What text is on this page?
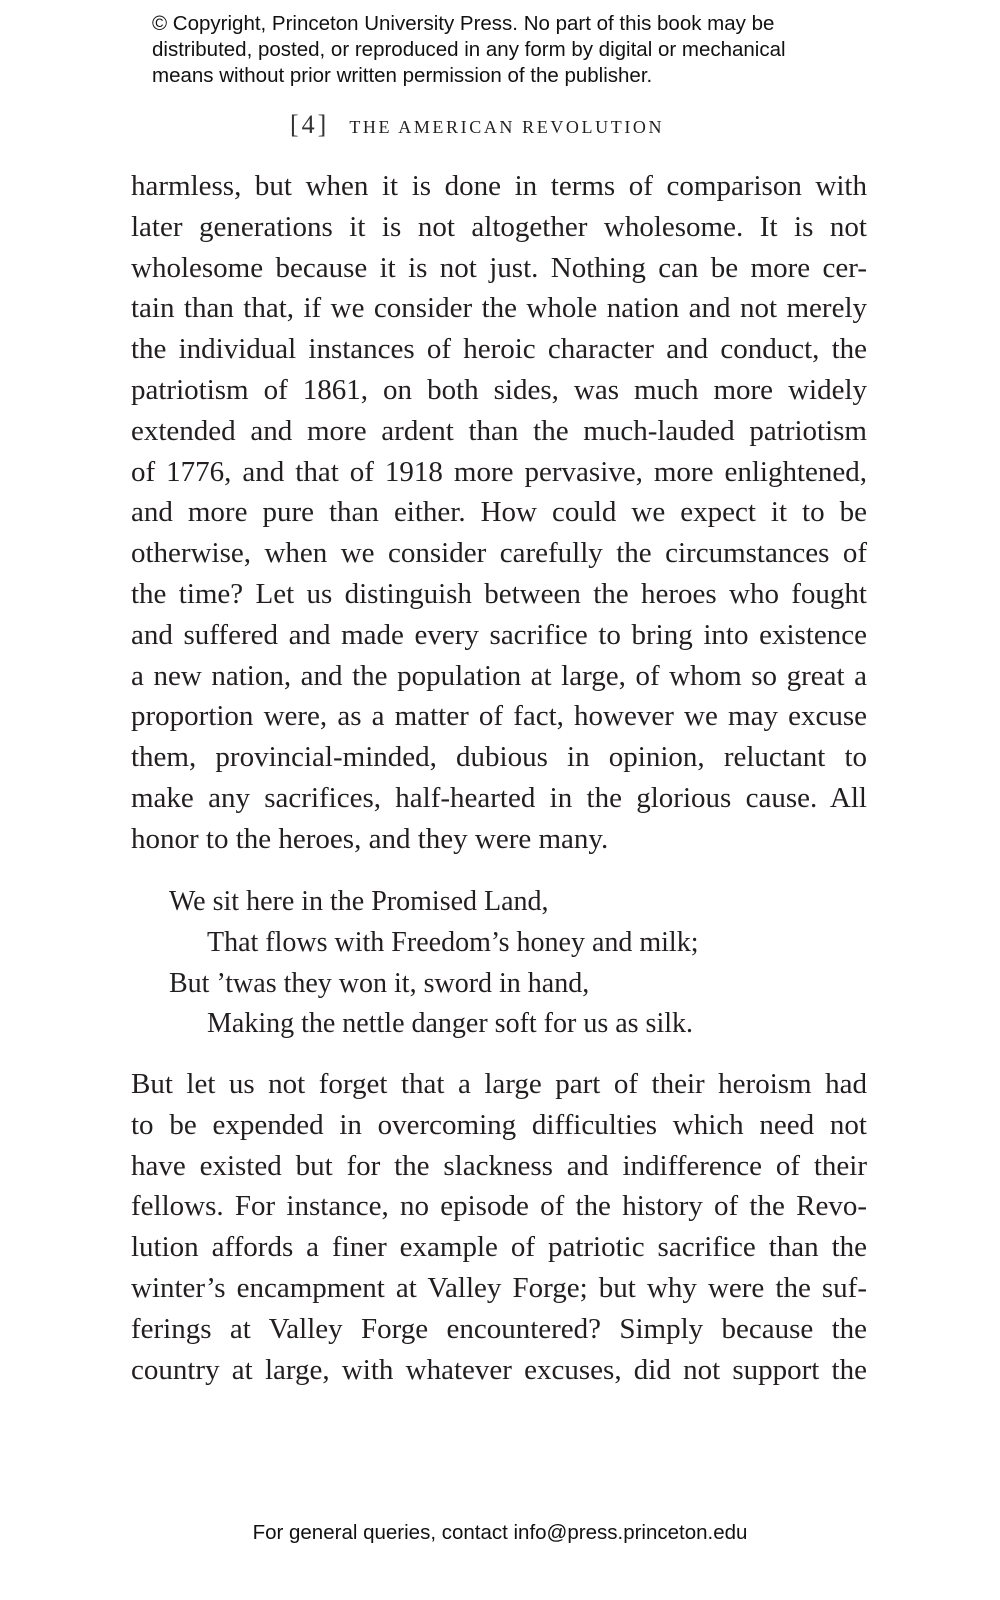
© Copyright, Princeton University Press. No part of this book may be
distributed, posted, or reproduced in any form by digital or mechanical
means without prior written permission of the publisher.
[4] THE AMERICAN REVOLUTION
harmless, but when it is done in terms of comparison with
later generations it is not altogether wholesome. It is not
wholesome because it is not just. Nothing can be more cer-
tain than that, if we consider the whole nation and not merely
the individual instances of heroic character and conduct, the
patriotism of 1861, on both sides, was much more widely
extended and more ardent than the much-lauded patriotism
of 1776, and that of 1918 more pervasive, more enlightened,
and more pure than either. How could we expect it to be
otherwise, when we consider carefully the circumstances of
the time? Let us distinguish between the heroes who fought
and suffered and made every sacrifice to bring into existence
a new nation, and the population at large, of whom so great a
proportion were, as a matter of fact, however we may excuse
them, provincial-minded, dubious in opinion, reluctant to
make any sacrifices, half-hearted in the glorious cause. All
honor to the heroes, and they were many.
We sit here in the Promised Land,
That flows with Freedom’s honey and milk;
But ’twas they won it, sword in hand,
Making the nettle danger soft for us as silk.
But let us not forget that a large part of their heroism had
to be expended in overcoming difficulties which need not
have existed but for the slackness and indifference of their
fellows. For instance, no episode of the history of the Revo-
lution affords a finer example of patriotic sacrifice than the
winter’s encampment at Valley Forge; but why were the suf-
ferings at Valley Forge encountered? Simply because the
country at large, with whatever excuses, did not support the
For general queries, contact info@press.princeton.edu
